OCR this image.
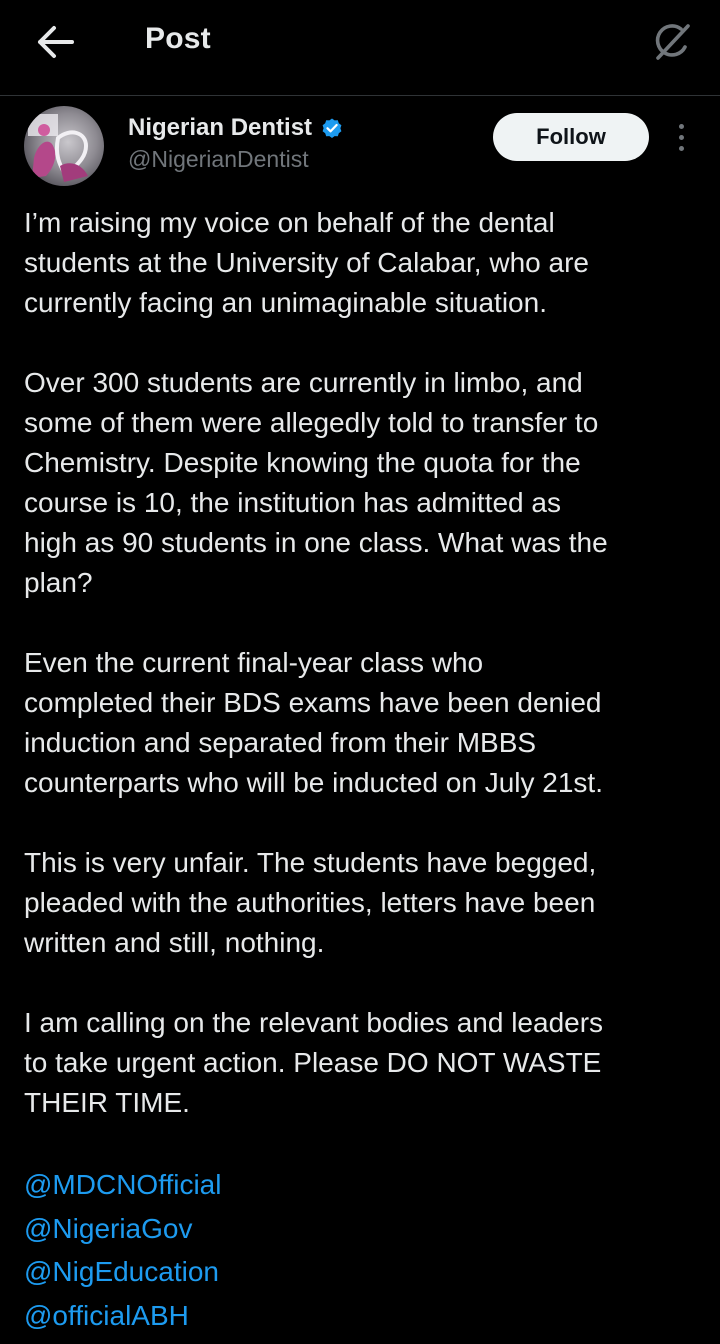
Post
Nigerian Dentist
@NigerianDentist
Follow

I’m raising my voice on behalf of the dental
students at the University of Calabar, who are
currently facing an unimaginable situation.

Over 300 students are currently in limbo, and
some of them were allegedly told to transfer to
Chemistry. Despite knowing the quota for the
course is 10, the institution has admitted as
high as 90 students in one class. What was the
plan?

Even the current final-year class who
completed their BDS exams have been denied
induction and separated from their MBBS
counterparts who will be inducted on July 21st.

This is very unfair. The students have begged,
pleaded with the authorities, letters have been
written and still, nothing.

I am calling on the relevant bodies and leaders
to take urgent action. Please DO NOT WASTE
THEIR TIME.

@MDCNOfficial
@NigeriaGov
@NigEducation
@officialABH
